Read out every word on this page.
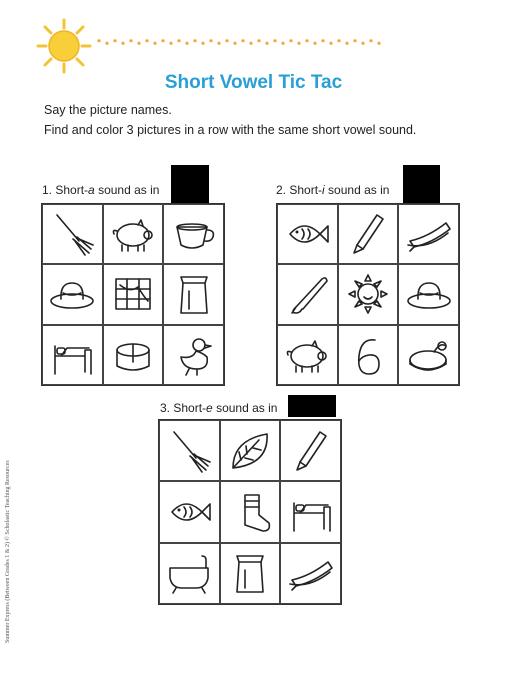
Short Vowel Tic Tac
Say the picture names.
Find and color 3 pictures in a row with the same short vowel sound.
1. Short-a sound as in	2. Short-i sound as in
3. Short-e sound as in
Summer Express (Between Grades 1 & 2) © Scholastic Teaching Resources
